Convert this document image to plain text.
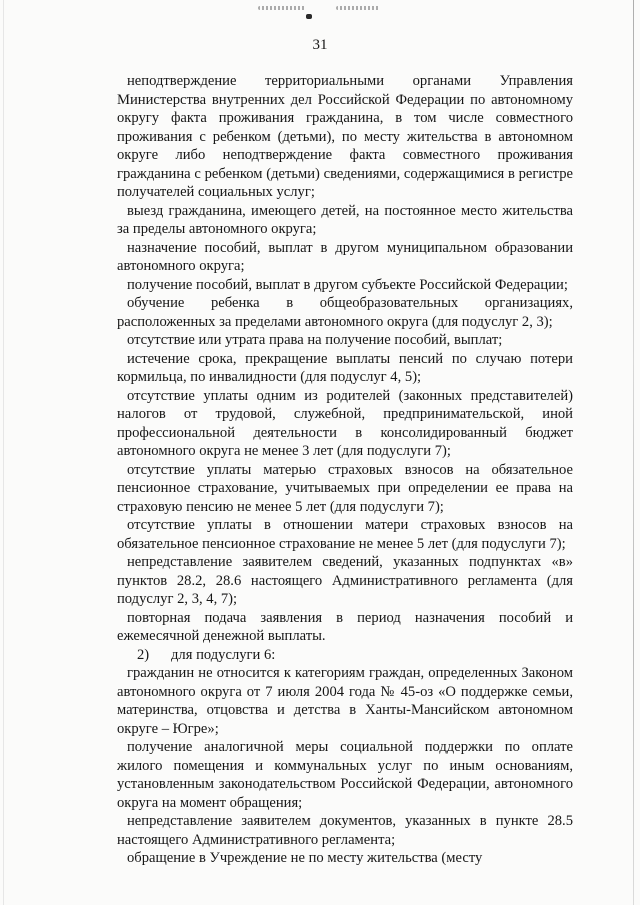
31

неподтверждение территориальными органами Управления Министерства внутренних дел Российской Федерации по автономному округу факта проживания гражданина, в том числе совместного проживания с ребенком (детьми), по месту жительства в автономном округе либо неподтверждение факта совместного проживания гражданина с ребенком (детьми) сведениями, содержащимися в регистре получателей социальных услуг;

выезд гражданина, имеющего детей, на постоянное место жительства за пределы автономного округа;

назначение пособий, выплат в другом муниципальном образовании автономного округа;

получение пособий, выплат в другом субъекте Российской Федерации;

обучение ребенка в общеобразовательных организациях, расположенных за пределами автономного округа (для подуслуг 2, 3);

отсутствие или утрата права на получение пособий, выплат;

истечение срока, прекращение выплаты пенсий по случаю потери кормильца, по инвалидности (для подуслуг 4, 5);

отсутствие уплаты одним из родителей (законных представителей) налогов от трудовой, служебной, предпринимательской, иной профессиональной деятельности в консолидированный бюджет автономного округа не менее 3 лет (для подуслуги 7);

отсутствие уплаты матерью страховых взносов на обязательное пенсионное страхование, учитываемых при определении ее права на страховую пенсию не менее 5 лет (для подуслуги 7);

отсутствие уплаты в отношении матери страховых взносов на обязательное пенсионное страхование не менее 5 лет (для подуслуги 7);

непредставление заявителем сведений, указанных подпунктах «в» пунктов 28.2, 28.6 настоящего Административного регламента (для подуслуг 2, 3, 4, 7);

повторная подача заявления в период назначения пособий и ежемесячной денежной выплаты.

2) для подуслуги 6:

гражданин не относится к категориям граждан, определенных Законом автономного округа от 7 июля 2004 года № 45-оз «О поддержке семьи, материнства, отцовства и детства в Ханты-Мансийском автономном округе – Югре»;

получение аналогичной меры социальной поддержки по оплате жилого помещения и коммунальных услуг по иным основаниям, установленным законодательством Российской Федерации, автономного округа на момент обращения;

непредставление заявителем документов, указанных в пункте 28.5 настоящего Административного регламента;

обращение в Учреждение не по месту жительства (месту
